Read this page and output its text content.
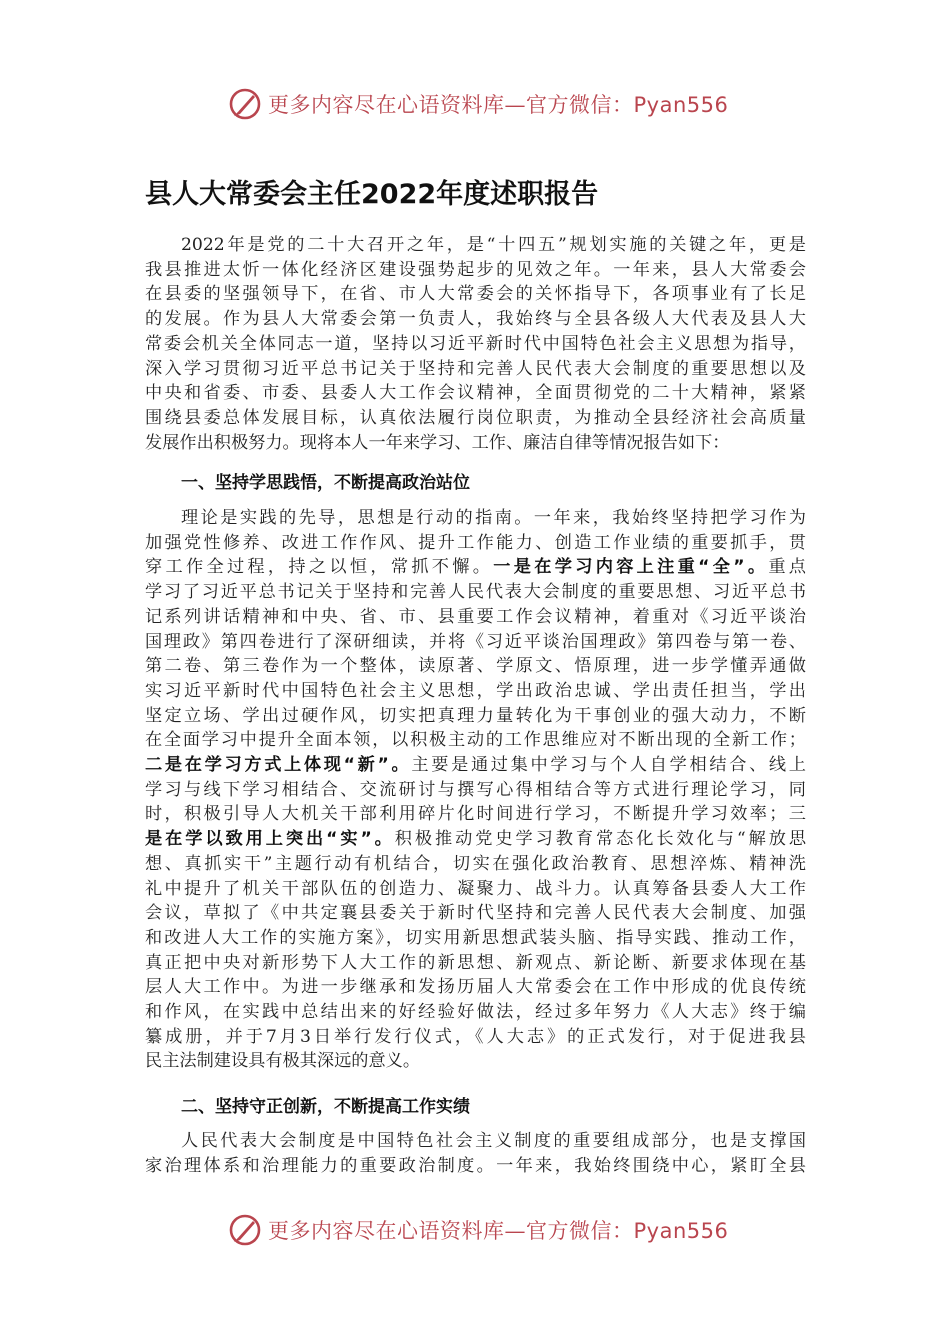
更多内容尽在心语资料库—官方微信：Pyan556
县人大常委会主任2022年度述职报告
2022年是党的二十大召开之年，是“十四五”规划实施的关键之年，更是
我县推进太忻一体化经济区建设强势起步的见效之年。一年来，县人大常委会
在县委的坚强领导下，在省、市人大常委会的关怀指导下，各项事业有了长足
的发展。作为县人大常委会第一负责人，我始终与全县各级人大代表及县人大
常委会机关全体同志一道，坚持以习近平新时代中国特色社会主义思想为指导，
深入学习贯彻习近平总书记关于坚持和完善人民代表大会制度的重要思想以及
中央和省委、市委、县委人大工作会议精神，全面贯彻党的二十大精神，紧紧
围绕县委总体发展目标，认真依法履行岗位职责，为推动全县经济社会高质量
发展作出积极努力。现将本人一年来学习、工作、廉洁自律等情况报告如下：
一、坚持学思践悟，不断提高政治站位
理论是实践的先导，思想是行动的指南。一年来，我始终坚持把学习作为
加强党性修养、改进工作作风、提升工作能力、创造工作业绩的重要抓手，贯
穿工作全过程，持之以恒，常抓不懈。一是在学习内容上注重“全”。重点
学习了习近平总书记关于坚持和完善人民代表大会制度的重要思想、习近平总书
记系列讲话精神和中央、省、市、县重要工作会议精神，着重对《习近平谈治
国理政》第四卷进行了深研细读，并将《习近平谈治国理政》第四卷与第一卷、
第二卷、第三卷作为一个整体，读原著、学原文、悟原理，进一步学懂弄通做
实习近平新时代中国特色社会主义思想，学出政治忠诚、学出责任担当，学出
坚定立场、学出过硬作风，切实把真理力量转化为干事创业的强大动力，不断
在全面学习中提升全面本领，以积极主动的工作思维应对不断出现的全新工作；
二是在学习方式上体现“新”。主要是通过集中学习与个人自学相结合、线上
学习与线下学习相结合、交流研讨与撰写心得相结合等方式进行理论学习，同
时，积极引导人大机关干部利用碎片化时间进行学习，不断提升学习效率；三
是在学以致用上突出“实”。积极推动党史学习教育常态化长效化与“解放思
想、真抓实干”主题行动有机结合，切实在强化政治教育、思想淬炼、精神洗
礼中提升了机关干部队伍的创造力、凝聚力、战斗力。认真筹备县委人大工作
会议，草拟了《中共定襄县委关于新时代坚持和完善人民代表大会制度、加强
和改进人大工作的实施方案》，切实用新思想武装头脑、指导实践、推动工作，
真正把中央对新形势下人大工作的新思想、新观点、新论断、新要求体现在基
层人大工作中。为进一步继承和发扬历届人大常委会在工作中形成的优良传统
和作风，在实践中总结出来的好经验好做法，经过多年努力《人大志》终于编
纂成册，并于7月3日举行发行仪式，《人大志》的正式发行，对于促进我县
民主法制建设具有极其深远的意义。
二、坚持守正创新，不断提高工作实绩
人民代表大会制度是中国特色社会主义制度的重要组成部分，也是支撑国
家治理体系和治理能力的重要政治制度。一年来，我始终围绕中心，紧盯全县
更多内容尽在心语资料库—官方微信：Pyan556
